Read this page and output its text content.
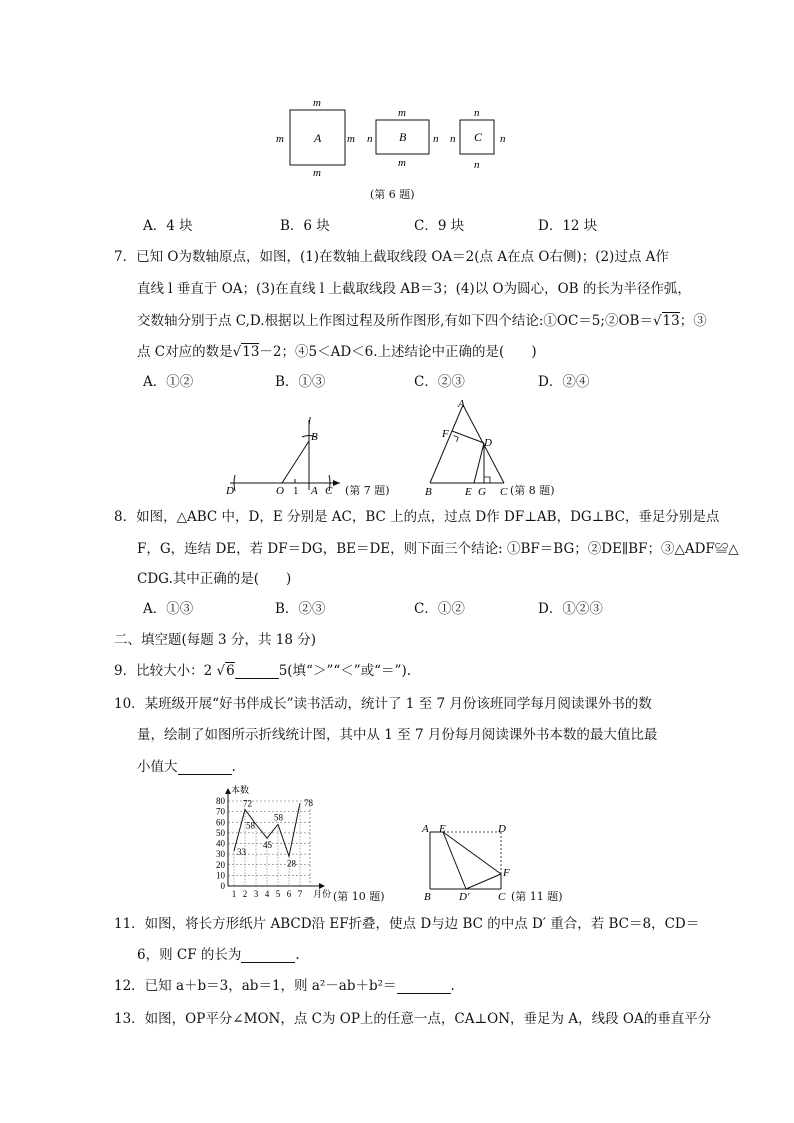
A
m
m
m	m	B
m
m
n	n	C
n
n
n	n
(第 6 题)
A．4 块	B．6 块	C．9 块	D．12 块
7．已知 O为数轴原点，如图，(1)在数轴上截取线段 OA＝2(点 A在点 O右侧)；(2)过点 A作
直线 l 垂直于 OA；(3)在直线 l 上截取线段 AB＝3；(4)以 O为圆心，OB 的长为半径作弧，
交数轴分别于点 C,D.根据以上作图过程及所作图形,有如下四个结论:①OC＝5;②OB＝√13；③
点 C对应的数是√13－2；④5＜AD＜6.上述结论中正确的是(　　)
A．①②	B．①③	C．②③	D．②④
l
B
D	O 1 A C (第 7 题)
A
F
D
B	E G C (第 8 题)
8．如图，△ABC 中，D，E 分别是 AC，BC 上的点，过点 D作 DF⊥AB，DG⊥BC，垂足分别是点
F，G，连结 DE，若 DF＝DG，BE＝DE，则下面三个结论: ①BF＝BG；②DE∥BF；③△ADF≌△
CDG.其中正确的是(　　)
A．①③	B．②③	C．①②	D．①②③
二、填空题(每题 3 分，共 18 分)
9．比较大小：2 √6	5(填“＞”“＜”或“＝”).
10．某班级开展“好书伴成长”读书活动，统计了 1 至 7 月份该班同学每月阅读课外书的数
量，绘制了如图所示折线统计图，其中从 1 至 7 月份每月阅读课外书本数的最大值比最
小值大	.
0
10
20
30
40
50
60
70
80
1 2 3 4 5 6 7
本数
月份
33
72
58
45
58
28
78
(第 10 题)
A E	D
F
B	D′	C (第 11 题)
11．如图，将长方形纸片 ABCD沿 EF折叠，使点 D与边 BC 的中点 D′ 重合，若 BC＝8，CD＝
6，则 CF 的长为	.
12．已知 a＋b＝3，ab＝1，则 a²－ab＋b²＝	.
13．如图，OP平分∠MON，点 C为 OP上的任意一点，CA⊥ON，垂足为 A，线段 OA的垂直平分
